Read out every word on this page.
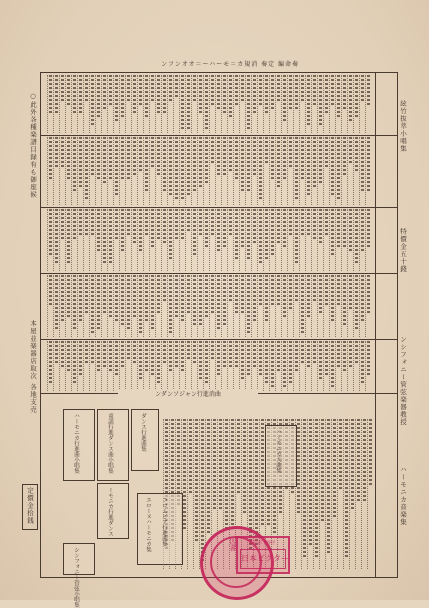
ンフンオオ＝ーハーモ＝カ規消 奏定 編命奏
ハーモニカ行進曲小唱集	童謡行進ダンス曲小唱集	ダンス行進曲集
ーモニカ行進ダンス	エローヌハーモニカ集 コロムビア行進曲集
ハーモニカ大曲集
シンフォニー管弦小唱集
ンダンソジャン行進消曲
○此外各種楽譜目録有も御座候
本屋並楽器店取次 各地支売
定價金拾銭
絃竹抜萃小唱集
特價金五十錢
ンシフォニー管弦楽器教授
ハーモニカ音楽集
図書	東京市下谷区
日本ビクター
